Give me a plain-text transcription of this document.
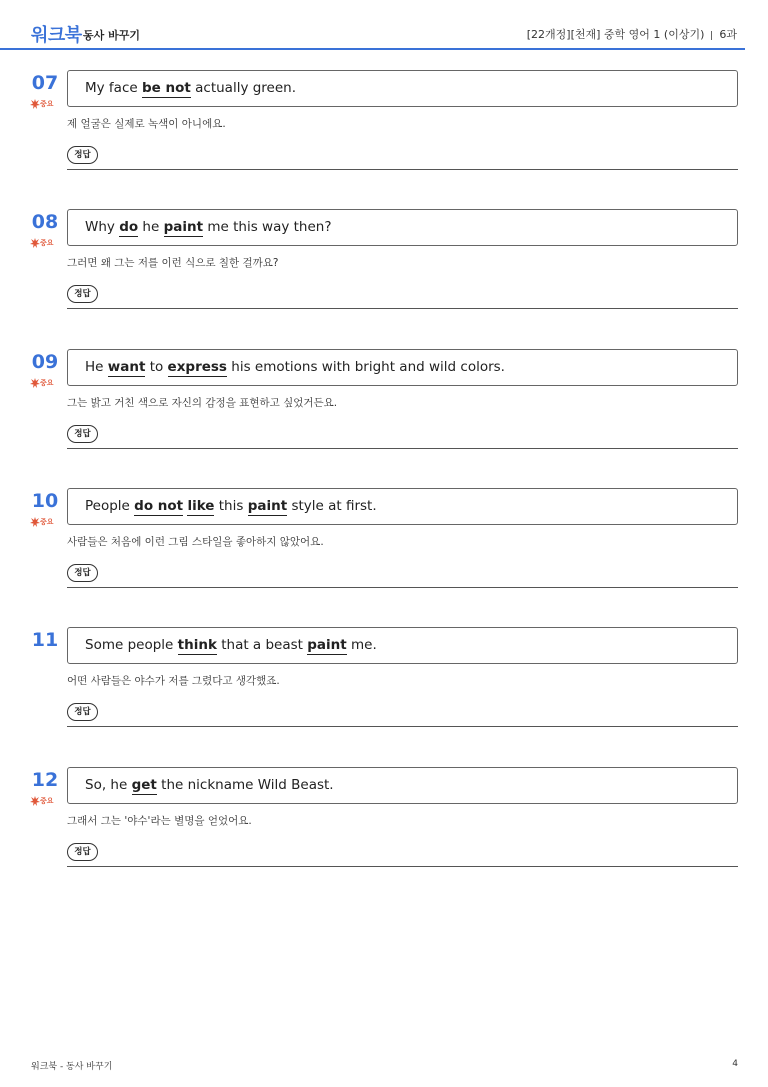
워크북 동사 바꾸기	[22개정][천재] 중학 영어 1 (이상기) 6과
07
중요
My face be not actually green.
제 얼굴은 실제로 녹색이 아니에요.
정답
08
중요
Why do he paint me this way then?
그러면 왜 그는 저를 이런 식으로 칠한 걸까요?
정답
09
중요
He want to express his emotions with bright and wild colors.
그는 밝고 거친 색으로 자신의 감정을 표현하고 싶었거든요.
정답
10
중요
People do not like this paint style at first.
사람들은 처음에 이런 그림 스타일을 좋아하지 않았어요.
정답
11	Some people think that a beast paint me.
어떤 사람들은 야수가 저를 그렸다고 생각했죠.
정답
12
중요
So, he get the nickname Wild Beast.
그래서 그는 '야수'라는 별명을 얻었어요.
정답
워크북 - 동사 바꾸기	4
